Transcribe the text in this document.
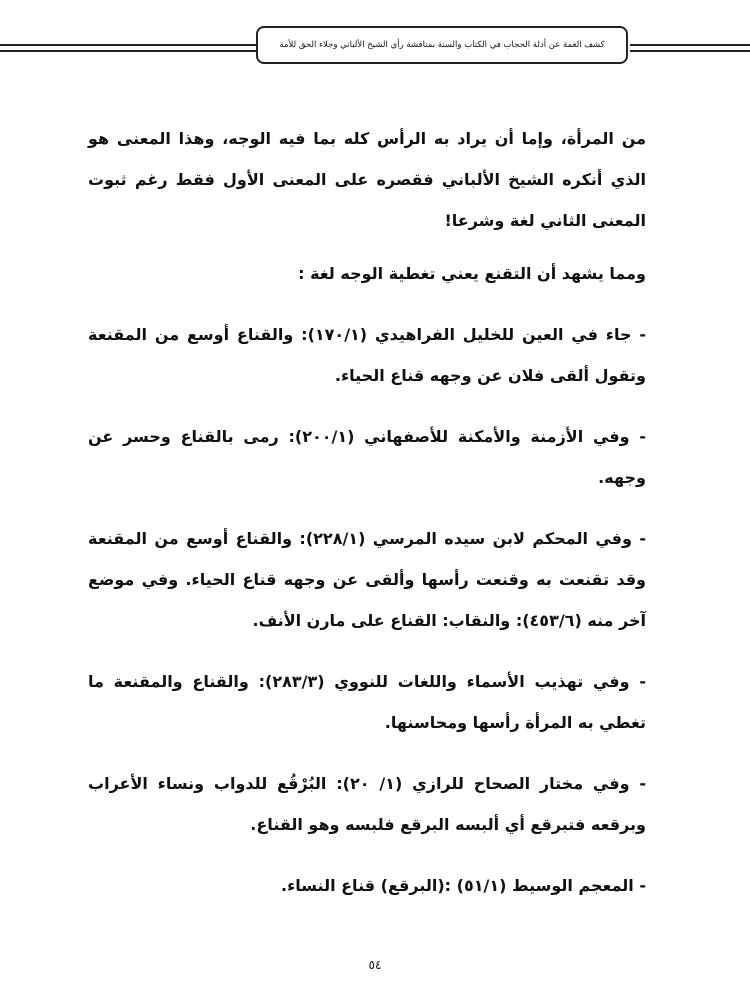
كشف الغمة عن أدلة الحجاب في الكتاب والسنة بمناقشة رأي الشيخ الألباني وجلاء الحق للأمة

من المرأة، وإما أن يراد به الرأس كله بما فيه الوجه، وهذا المعنى هو الذي أنكره الشيخ الألباني فقصره على المعنى الأول فقط رغم ثبوت المعنى الثاني لغة وشرعا!

ومما يشهد أن التقنع يعني تغطية الوجه لغة :

- جاء في العين للخليل الفراهيدي (١٧٠/١): والقناع أوسع من المقنعة وتقول ألقى فلان عن وجهه قناع الحياء.

- وفي الأزمنة والأمكنة للأصفهاني (٢٠٠/١): رمى بالقناع وحسر عن وجهه.

- وفي المحكم لابن سيده المرسي (٢٢٨/١): والقناع أوسع من المقنعة وقد تقنعت به وقنعت رأسها وألقى عن وجهه قناع الحياء. وفي موضع آخر منه (٤٥٣/٦): والنقاب: القناع على مارن الأنف.

- وفي تهذيب الأسماء واللغات للنووي (٢٨٣/٣): والقناع والمقنعة ما تغطي به المرأة رأسها ومحاسنها.

- وفي مختار الصحاح للرازي (١/ ٢٠): البُرْقُع للدواب ونساء الأعراب وبرقعه فتبرقع أي ألبسه البرقع فلبسه وهو القناع.

- المعجم الوسيط (٥١/١) :(البرقع) قناع النساء.

٥٤
